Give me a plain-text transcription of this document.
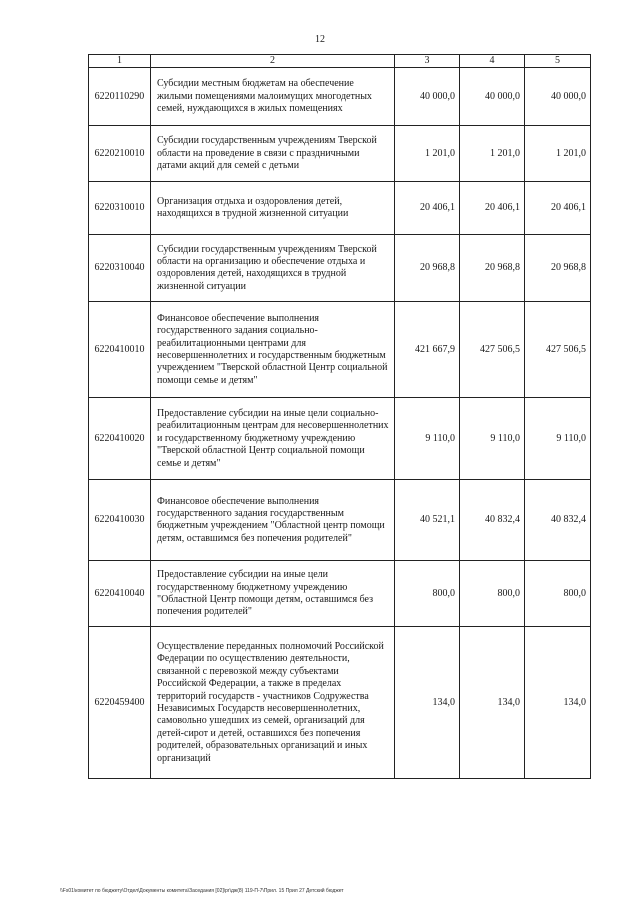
12
1	2	3	4	5
6220110290	Субсидии местным бюджетам на обеспечение жилыми помещениями малоимущих многодетных семей, нуждающихся в жилых помещениях	40 000,0	40 000,0	40 000,0
6220210010	Субсидии государственным учреждениям Тверской области на проведение в связи с праздничными датами акций для семей с детьми	1 201,0	1 201,0	1 201,0
6220310010	Организация отдыха и оздоровления детей, находящихся в трудной жизненной ситуации	20 406,1	20 406,1	20 406,1
6220310040	Субсидии государственным учреждениям Тверской области на организацию и обеспечение отдыха и оздоровления детей, находящихся в трудной жизненной ситуации	20 968,8	20 968,8	20 968,8
6220410010	Финансовое обеспечение выполнения государственного задания социально-реабилитационными центрами для несовершеннолетних и государственным бюджетным учреждением "Тверской областной Центр социальной помощи семье и детям"	421 667,9	427 506,5	427 506,5
6220410020	Предоставление субсидии на иные цели социально-реабилитационным центрам для несовершеннолетних и государственному бюджетному учреждению "Тверской областной Центр социальной помощи семье и детям"	9 110,0	9 110,0	9 110,0
6220410030	Финансовое обеспечение выполнения государственного задания государственным бюджетным учреждением "Областной центр помощи детям, оставшимся без попечения родителей"	40 521,1	40 832,4	40 832,4
6220410040	Предоставление субсидии на иные цели государственному бюджетному учреждению "Областной Центр помощи детям, оставшимся без попечения родителей"	800,0	800,0	800,0
6220459400	Осуществление переданных полномочий Российской Федерации по осуществлению деятельности, связанной с перевозкой между субъектами Российской Федерации, а также в пределах территорий государств - участников Содружества Независимых Государств несовершеннолетних, самовольно ушедших из семей, организаций для детей-сирот и детей, оставшихся без попечения родителей, образовательных организаций и иных организаций	134,0	134,0	134,0
\\Fs01\комитет по бюджету\Отдел\Документы комитета\Заседания [02]\pr\дж(8) 119-П-7\Прил. 15 Прил 27 Детский бюджет
